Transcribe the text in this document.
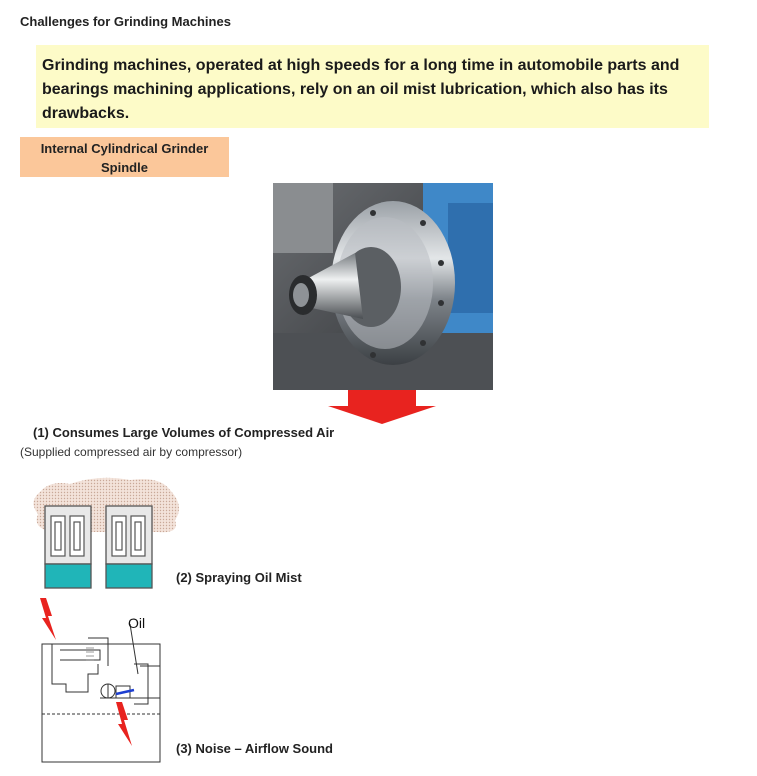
Challenges for Grinding Machines
Grinding machines, operated at high speeds for a long time in automobile parts and bearings machining applications, rely on an oil mist lubrication, which also has its drawbacks.
Internal Cylindrical Grinder
Spindle
(1) Consumes Large Volumes of Compressed Air
(Supplied compressed air by compressor)
(2) Spraying Oil Mist
Oil
(3) Noise – Airflow Sound
